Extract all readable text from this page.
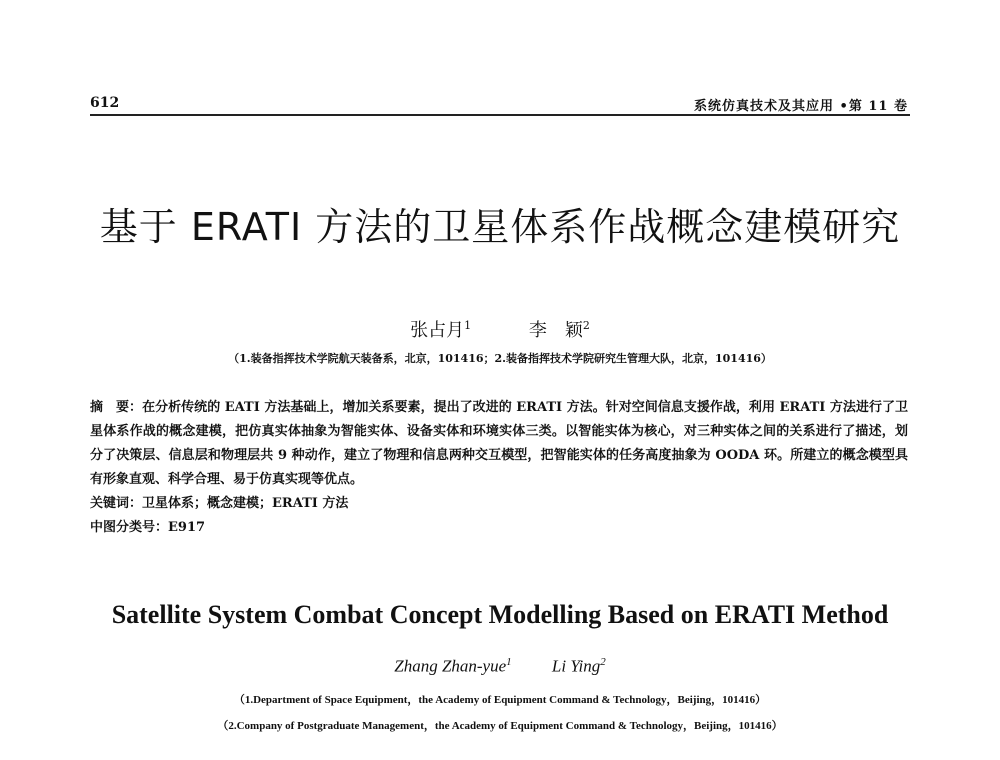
612	系统仿真技术及其应用 •第 11 卷
基于 ERATI 方法的卫星体系作战概念建模研究
张占月$^1$	李　颖$^2$
（1.装备指挥技术学院航天装备系，北京，101416；2.装备指挥技术学院研究生管理大队，北京，101416）

摘　要：在分析传统的 EATI 方法基础上，增加关系要素，提出了改进的 ERATI 方法。针对空间信息支援作战，利用 ERATI 方法进行了卫星体系作战的概念建模，把仿真实体抽象为智能实体、设备实体和环境实体三类。以智能实体为核心，对三种实体之间的关系进行了描述，划分了决策层、信息层和物理层共 9 种动作，建立了物理和信息两种交互模型，把智能实体的任务高度抽象为 OODA 环。所建立的概念模型具有形象直观、科学合理、易于仿真实现等优点。

关键词：卫星体系；概念建模；ERATI 方法

中图分类号：E917

Satellite System Combat Concept Modelling Based on ERATI Method
Zhang Zhan-yue$^1$ Li Ying$^2$
（1.Department of Space Equipment，the Academy of Equipment Command & Technology，Beijing，101416）
（2.Company of Postgraduate Management，the Academy of Equipment Command & Technology，Beijing，101416）
